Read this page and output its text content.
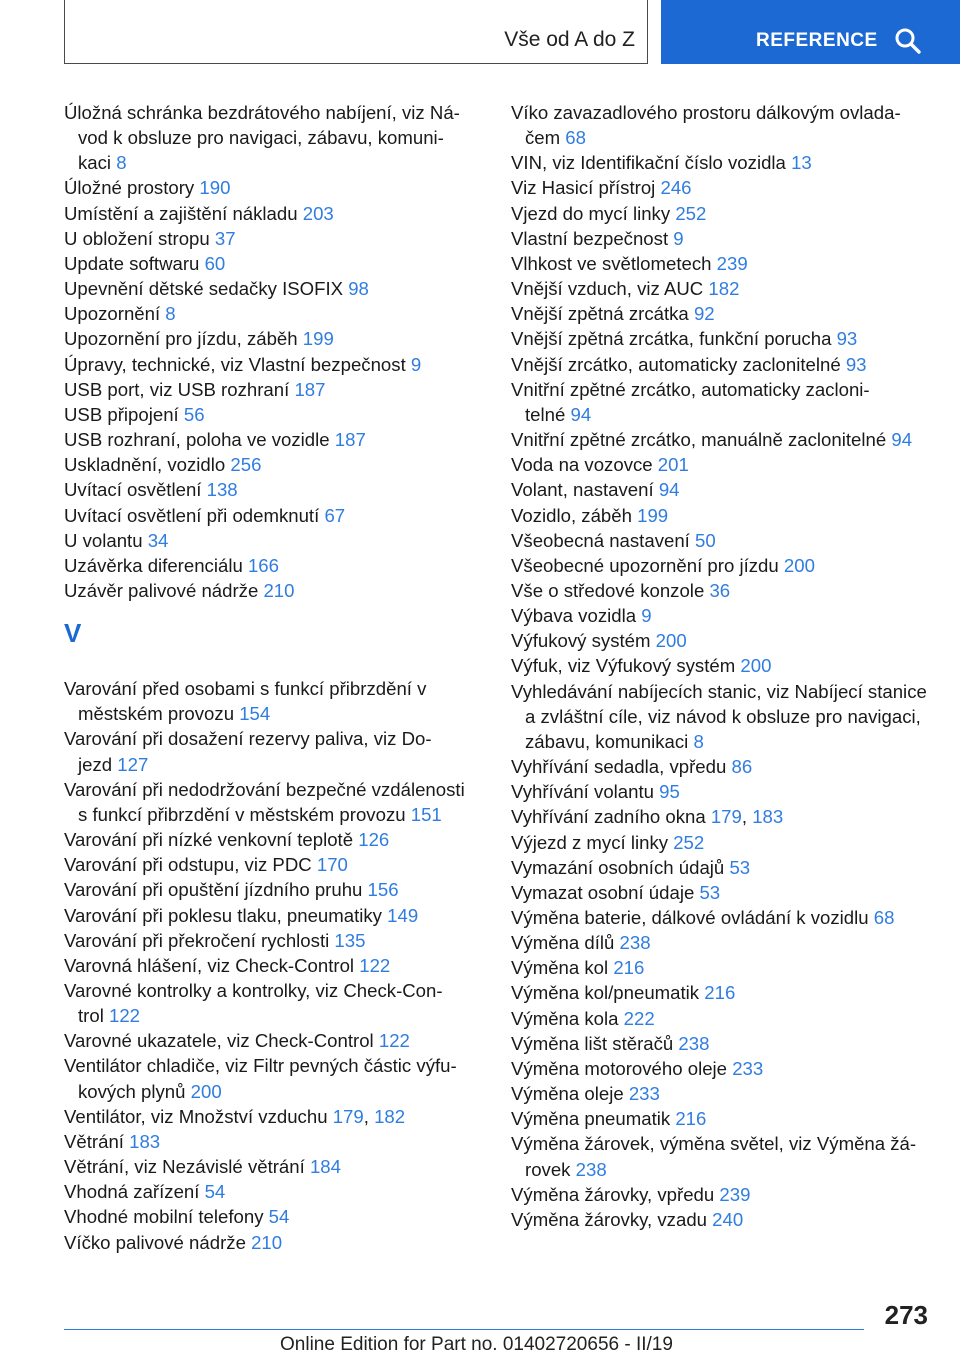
Vše od A do Z	REFERENCE
Úložná schránka bezdrátového nabíjení, viz Ná-
vod k obsluze pro navigaci, zábavu, komuni-
kaci 8
Úložné prostory 190
Umístění a zajištění nákladu 203
U obložení stropu 37
Update softwaru 60
Upevnění dětské sedačky ISOFIX 98
Upozornění 8
Upozornění pro jízdu, záběh 199
Úpravy, technické, viz Vlastní bezpečnost 9
USB port, viz USB rozhraní 187
USB připojení 56
USB rozhraní, poloha ve vozidle 187
Uskladnění, vozidlo 256
Uvítací osvětlení 138
Uvítací osvětlení při odemknutí 67
U volantu 34
Uzávěrka diferenciálu 166
Uzávěr palivové nádrže 210
V
Varování před osobami s funkcí přibrzdění v
městském provozu 154
Varování při dosažení rezervy paliva, viz Do-
jezd 127
Varování při nedodržování bezpečné vzdálenosti
s funkcí přibrzdění v městském provozu 151
Varování při nízké venkovní teplotě 126
Varování při odstupu, viz PDC 170
Varování při opuštění jízdního pruhu 156
Varování při poklesu tlaku, pneumatiky 149
Varování při překročení rychlosti 135
Varovná hlášení, viz Check-Control 122
Varovné kontrolky a kontrolky, viz Check-Con-
trol 122
Varovné ukazatele, viz Check-Control 122
Ventilátor chladiče, viz Filtr pevných částic výfu-
kových plynů 200
Ventilátor, viz Množství vzduchu 179, 182
Větrání 183
Větrání, viz Nezávislé větrání 184
Vhodná zařízení 54
Vhodné mobilní telefony 54
Víčko palivové nádrže 210
Víko zavazadlového prostoru dálkovým ovlada-
čem 68
VIN, viz Identifikační číslo vozidla 13
Viz Hasicí přístroj 246
Vjezd do mycí linky 252
Vlastní bezpečnost 9
Vlhkost ve světlometech 239
Vnější vzduch, viz AUC 182
Vnější zpětná zrcátka 92
Vnější zpětná zrcátka, funkční porucha 93
Vnější zrcátko, automaticky zaclonitelné 93
Vnitřní zpětné zrcátko, automaticky zacloni-
telné 94
Vnitřní zpětné zrcátko, manuálně zaclonitelné 94
Voda na vozovce 201
Volant, nastavení 94
Vozidlo, záběh 199
Všeobecná nastavení 50
Všeobecné upozornění pro jízdu 200
Vše o středové konzole 36
Výbava vozidla 9
Výfukový systém 200
Výfuk, viz Výfukový systém 200
Vyhledávání nabíjecích stanic, viz Nabíjecí stanice
a zvláštní cíle, viz návod k obsluze pro navigaci,
zábavu, komunikaci 8
Vyhřívání sedadla, vpředu 86
Vyhřívání volantu 95
Vyhřívání zadního okna 179, 183
Výjezd z mycí linky 252
Vymazání osobních údajů 53
Vymazat osobní údaje 53
Výměna baterie, dálkové ovládání k vozidlu 68
Výměna dílů 238
Výměna kol 216
Výměna kol/pneumatik 216
Výměna kola 222
Výměna lišt stěračů 238
Výměna motorového oleje 233
Výměna oleje 233
Výměna pneumatik 216
Výměna žárovek, výměna světel, viz Výměna žá-
rovek 238
Výměna žárovky, vpředu 239
Výměna žárovky, vzadu 240
273
Online Edition for Part no. 01402720656 - II/19
